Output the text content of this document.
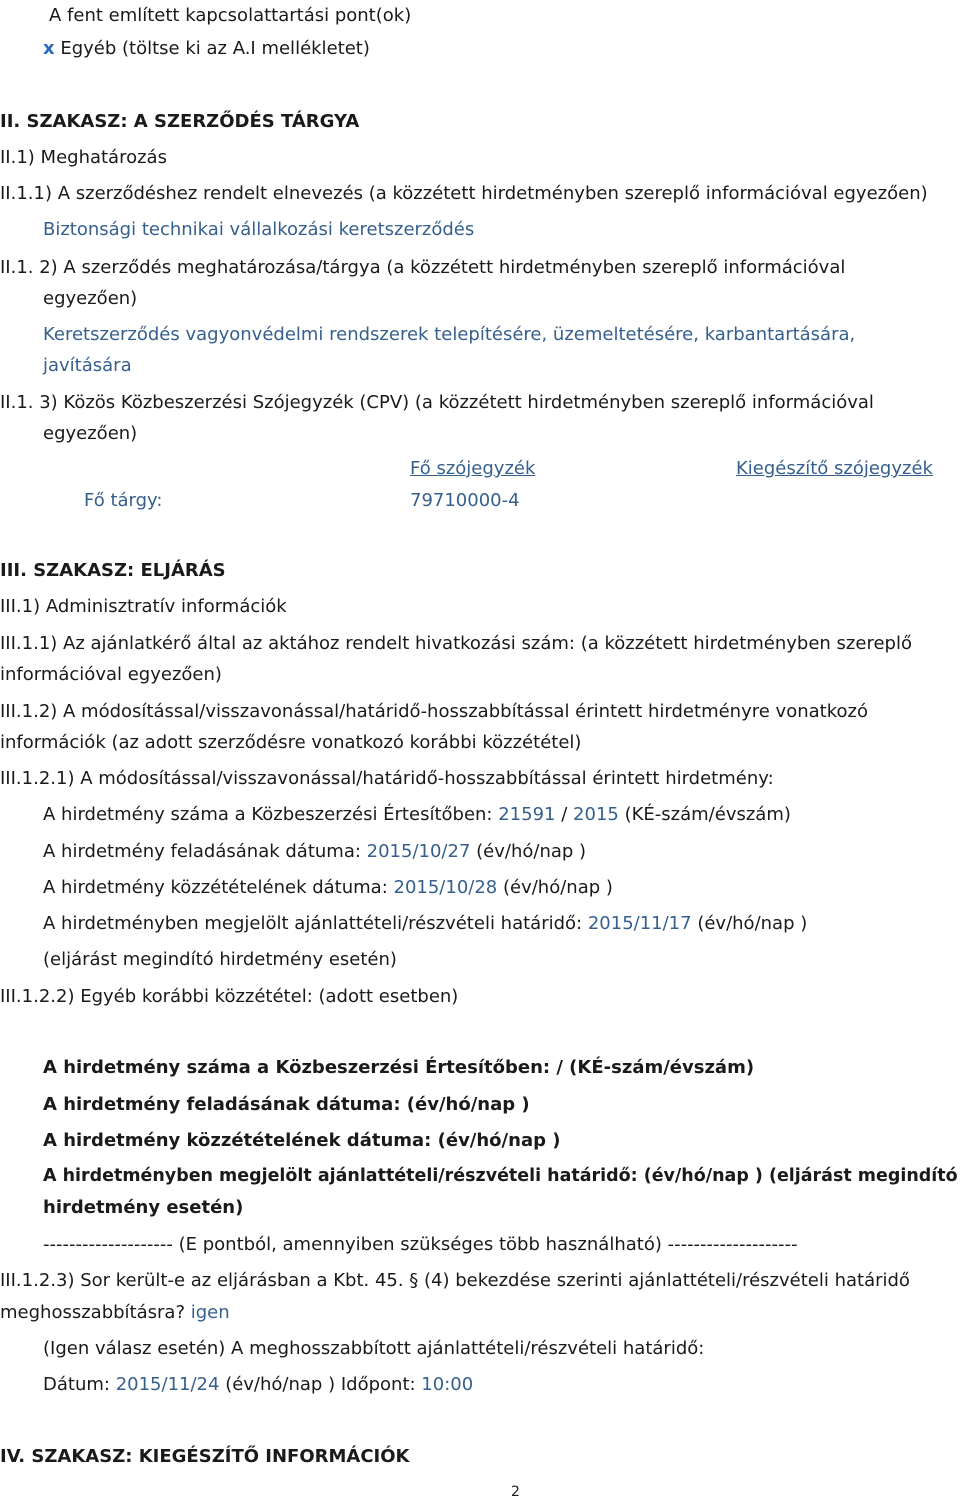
A fent említett kapcsolattartási pont(ok)
x Egyéb (töltse ki az A.I mellékletet)
II. SZAKASZ: A SZERZŐDÉS TÁRGYA
II.1) Meghatározás
II.1.1) A szerződéshez rendelt elnevezés (a közzétett hirdetményben szereplő információval egyezően)
Biztonsági technikai vállalkozási keretszerződés
II.1. 2) A szerződés meghatározása/tárgya (a közzétett hirdetményben szereplő információval
egyezően)
Keretszerződés vagyonvédelmi rendszerek telepítésére, üzemeltetésére, karbantartására,
javítására
II.1. 3) Közös Közbeszerzési Szójegyzék (CPV) (a közzétett hirdetményben szereplő információval
egyezően)
Fő szójegyzék	Kiegészítő szójegyzék
Fő tárgy:	79710000-4
III. SZAKASZ: ELJÁRÁS
III.1) Adminisztratív információk
III.1.1) Az ajánlatkérő által az aktához rendelt hivatkozási szám: (a közzétett hirdetményben szereplő
információval egyezően)
III.1.2) A módosítással/visszavonással/határidő-hosszabbítással érintett hirdetményre vonatkozó
információk (az adott szerződésre vonatkozó korábbi közzététel)
III.1.2.1) A módosítással/visszavonással/határidő-hosszabbítással érintett hirdetmény:
A hirdetmény száma a Közbeszerzési Értesítőben: 21591 / 2015 (KÉ-szám/évszám)
A hirdetmény feladásának dátuma: 2015/10/27 (év/hó/nap )
A hirdetmény közzétételének dátuma: 2015/10/28 (év/hó/nap )
A hirdetményben megjelölt ajánlattételi/részvételi határidő: 2015/11/17 (év/hó/nap )
(eljárást megindító hirdetmény esetén)
III.1.2.2) Egyéb korábbi közzététel: (adott esetben)
A hirdetmény száma a Közbeszerzési Értesítőben: / (KÉ-szám/évszám)
A hirdetmény feladásának dátuma: (év/hó/nap )
A hirdetmény közzétételének dátuma: (év/hó/nap )
A hirdetményben megjelölt ajánlattételi/részvételi határidő: (év/hó/nap ) (eljárást megindító
hirdetmény esetén)
-------------------- (E pontból, amennyiben szükséges több használható) --------------------
III.1.2.3) Sor került-e az eljárásban a Kbt. 45. § (4) bekezdése szerinti ajánlattételi/részvételi határidő
meghosszabbításra? igen
(Igen válasz esetén) A meghosszabbított ajánlattételi/részvételi határidő:
Dátum: 2015/11/24 (év/hó/nap ) Időpont: 10:00
IV. SZAKASZ: KIEGÉSZÍTŐ INFORMÁCIÓK
2
